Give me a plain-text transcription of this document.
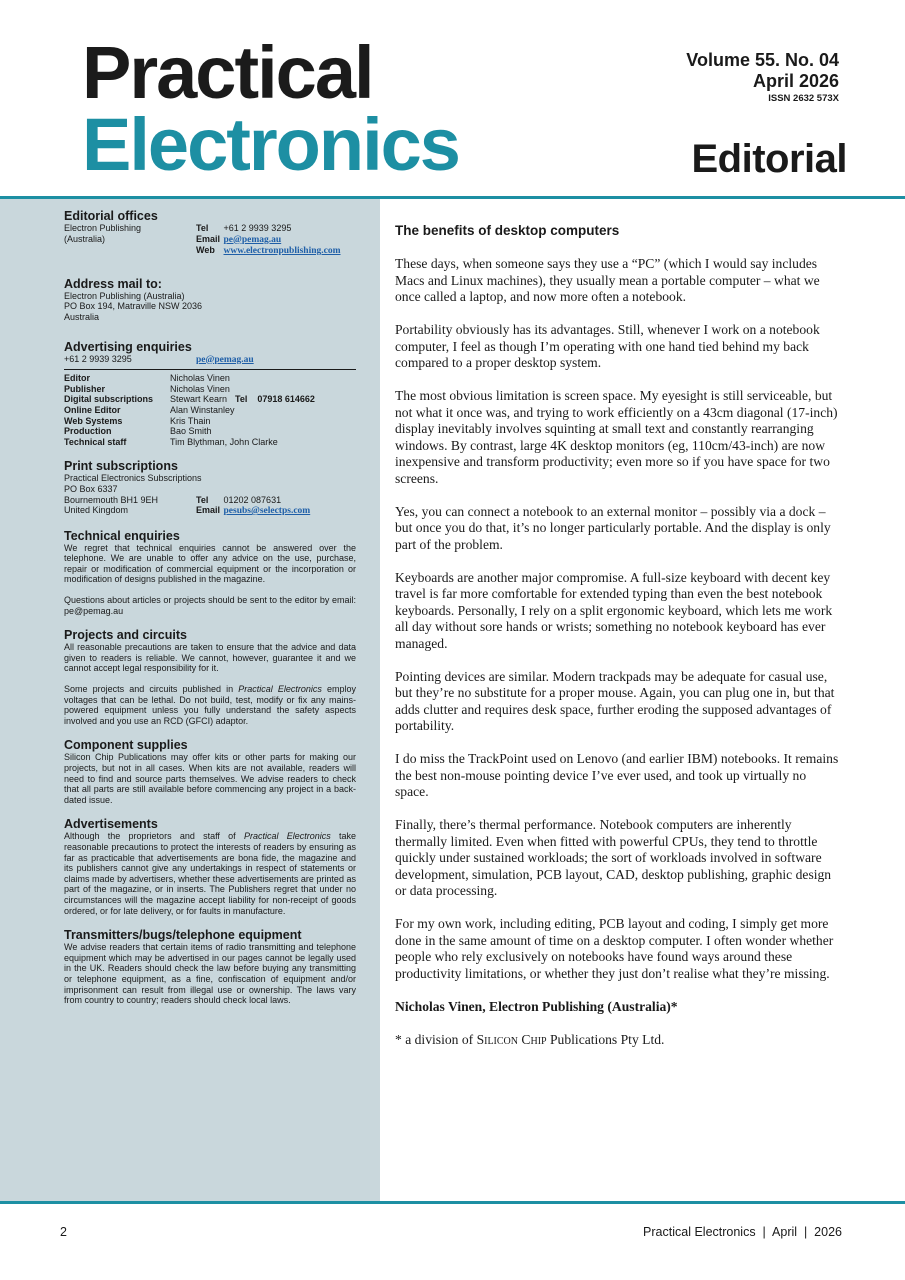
Practical
Electronics
Volume 55. No. 04
April 2026
ISSN 2632 573X
Editorial
Editorial offices
Electron Publishing
(Australia)
Tel +61 2 9939 3295
Email pe@pemag.au
Web www.electronpublishing.com
Address mail to:
Electron Publishing (Australia)
PO Box 194, Matraville NSW 2036
Australia
Advertising enquiries
+61 2 9939 3295	pe@pemag.au
Editor	Nicholas Vinen
Publisher	Nicholas Vinen
Digital subscriptions	Stewart Kearn Tel 07918 614662
Online Editor	Alan Winstanley
Web Systems	Kris Thain
Production	Bao Smith
Technical staff	Tim Blythman, John Clarke
Print subscriptions
Practical Electronics Subscriptions
PO Box 6337
Bournemouth BH1 9EH
United Kingdom
Tel 01202 087631
Email pesubs@selectps.com
Technical enquiries

We regret that technical enquiries cannot be answered over the telephone. We are unable to offer any advice on the use, purchase, repair or modification of commercial equipment or the incorporation or modification of designs published in the magazine.

Questions about articles or projects should be sent to the editor by email: pe@pemag.au

Projects and circuits

All reasonable precautions are taken to ensure that the advice and data given to readers is reliable. We cannot, however, guarantee it and we cannot accept legal responsibility for it.

Some projects and circuits published in Practical Electronics employ voltages that can be lethal. Do not build, test, modify or fix any mains-powered equipment unless you fully understand the safety aspects involved and you use an RCD (GFCI) adaptor.

Component supplies

Silicon Chip Publications may offer kits or other parts for making our projects, but not in all cases. When kits are not available, readers will need to find and source parts themselves. We advise readers to check that all parts are still available before commencing any project in a back-dated issue.

Advertisements

Although the proprietors and staff of Practical Electronics take reasonable precautions to protect the interests of readers by ensuring as far as practicable that advertisements are bona fide, the magazine and its publishers cannot give any undertakings in respect of statements or claims made by advertisers, whether these advertisements are printed as part of the magazine, or in inserts. The Publishers regret that under no circumstances will the magazine accept liability for non-receipt of goods ordered, or for late delivery, or for faults in manufacture.

Transmitters/bugs/telephone equipment

We advise readers that certain items of radio transmitting and telephone equipment which may be advertised in our pages cannot be legally used in the UK. Readers should check the law before buying any transmitting or telephone equipment, as a fine, confiscation of equipment and/or imprisonment can result from illegal use or ownership. The laws vary from country to country; readers should check local laws.

The benefits of desktop computers

These days, when someone says they use a “PC” (which I would say includes Macs and Linux machines), they usually mean a portable computer – what we once called a laptop, and now more often a notebook.

Portability obviously has its advantages. Still, whenever I work on a notebook computer, I feel as though I’m operating with one hand tied behind my back compared to a proper desktop system.

The most obvious limitation is screen space. My eyesight is still serviceable, but not what it once was, and trying to work efficiently on a 43cm diagonal (17-inch) display inevitably involves squinting at small text and constantly rearranging windows. By contrast, large 4K desktop monitors (eg, 110cm/43-inch) are now inexpensive and transform productivity; even more so if you have space for two screens.

Yes, you can connect a notebook to an external monitor – possibly via a dock – but once you do that, it’s no longer particularly portable. And the display is only part of the problem.

Keyboards are another major compromise. A full-size keyboard with decent key travel is far more comfortable for extended typing than even the best notebook keyboards. Personally, I rely on a split ergonomic keyboard, which lets me work all day without sore hands or wrists; something no notebook keyboard has ever managed.

Pointing devices are similar. Modern trackpads may be adequate for casual use, but they’re no substitute for a proper mouse. Again, you can plug one in, but that adds clutter and requires desk space, further eroding the supposed advantages of portability.

I do miss the TrackPoint used on Lenovo (and earlier IBM) notebooks. It remains the best non-mouse pointing device I’ve ever used, and took up virtually no space.

Finally, there’s thermal performance. Notebook computers are inherently thermally limited. Even when fitted with powerful CPUs, they tend to throttle quickly under sustained workloads; the sort of workloads involved in software development, simulation, PCB layout, CAD, desktop publishing, graphic design or data processing.

For my own work, including editing, PCB layout and coding, I simply get more done in the same amount of time on a desktop computer. I often wonder whether people who rely exclusively on notebooks have found ways around these productivity limitations, or whether they just don’t realise what they’re missing.

Nicholas Vinen, Electron Publishing (Australia)*

* a division of Silicon Chip Publications Pty Ltd.

2	Practical Electronics  |  April  |  2026
